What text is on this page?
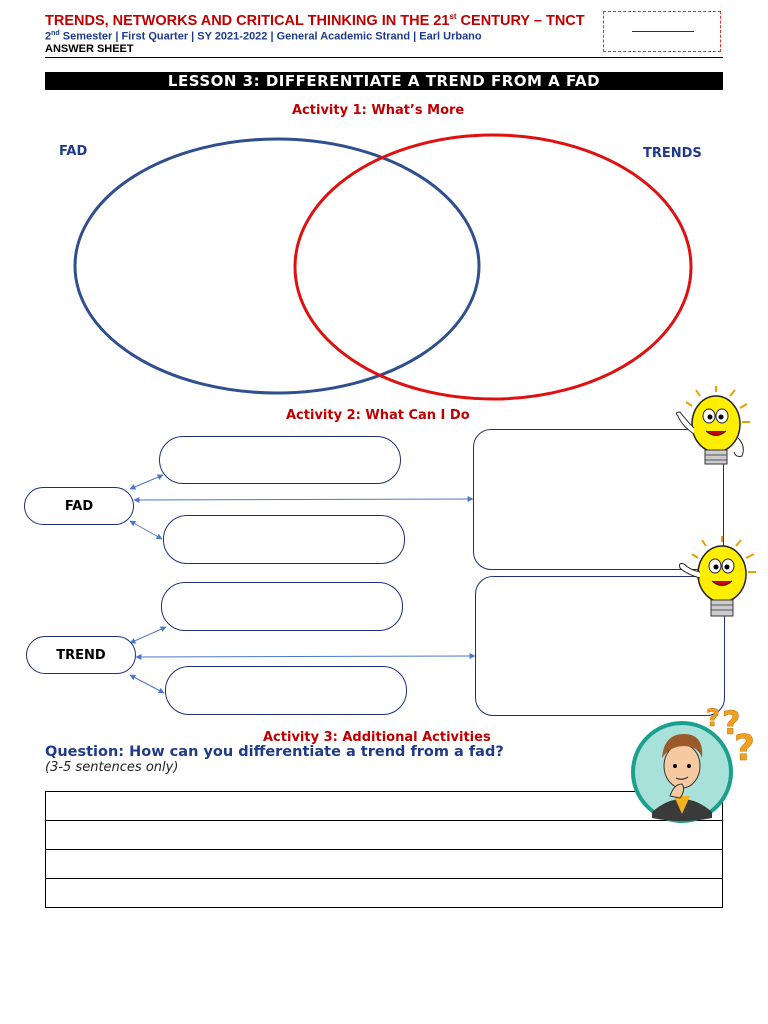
TRENDS, NETWORKS AND CRITICAL THINKING IN THE 21st CENTURY – TNCT
2nd Semester | First Quarter | SY 2021-2022 | General Academic Strand | Earl Urbano
ANSWER SHEET
LESSON 3: DIFFERENTIATE A TREND FROM A FAD
Activity 1: What’s More
FAD	TRENDS
Activity 2: What Can I Do
FAD
TREND
Activity 3: Additional Activities
Question: How can you differentiate a trend from a fad?
(3-5 sentences only)

? ?
?
